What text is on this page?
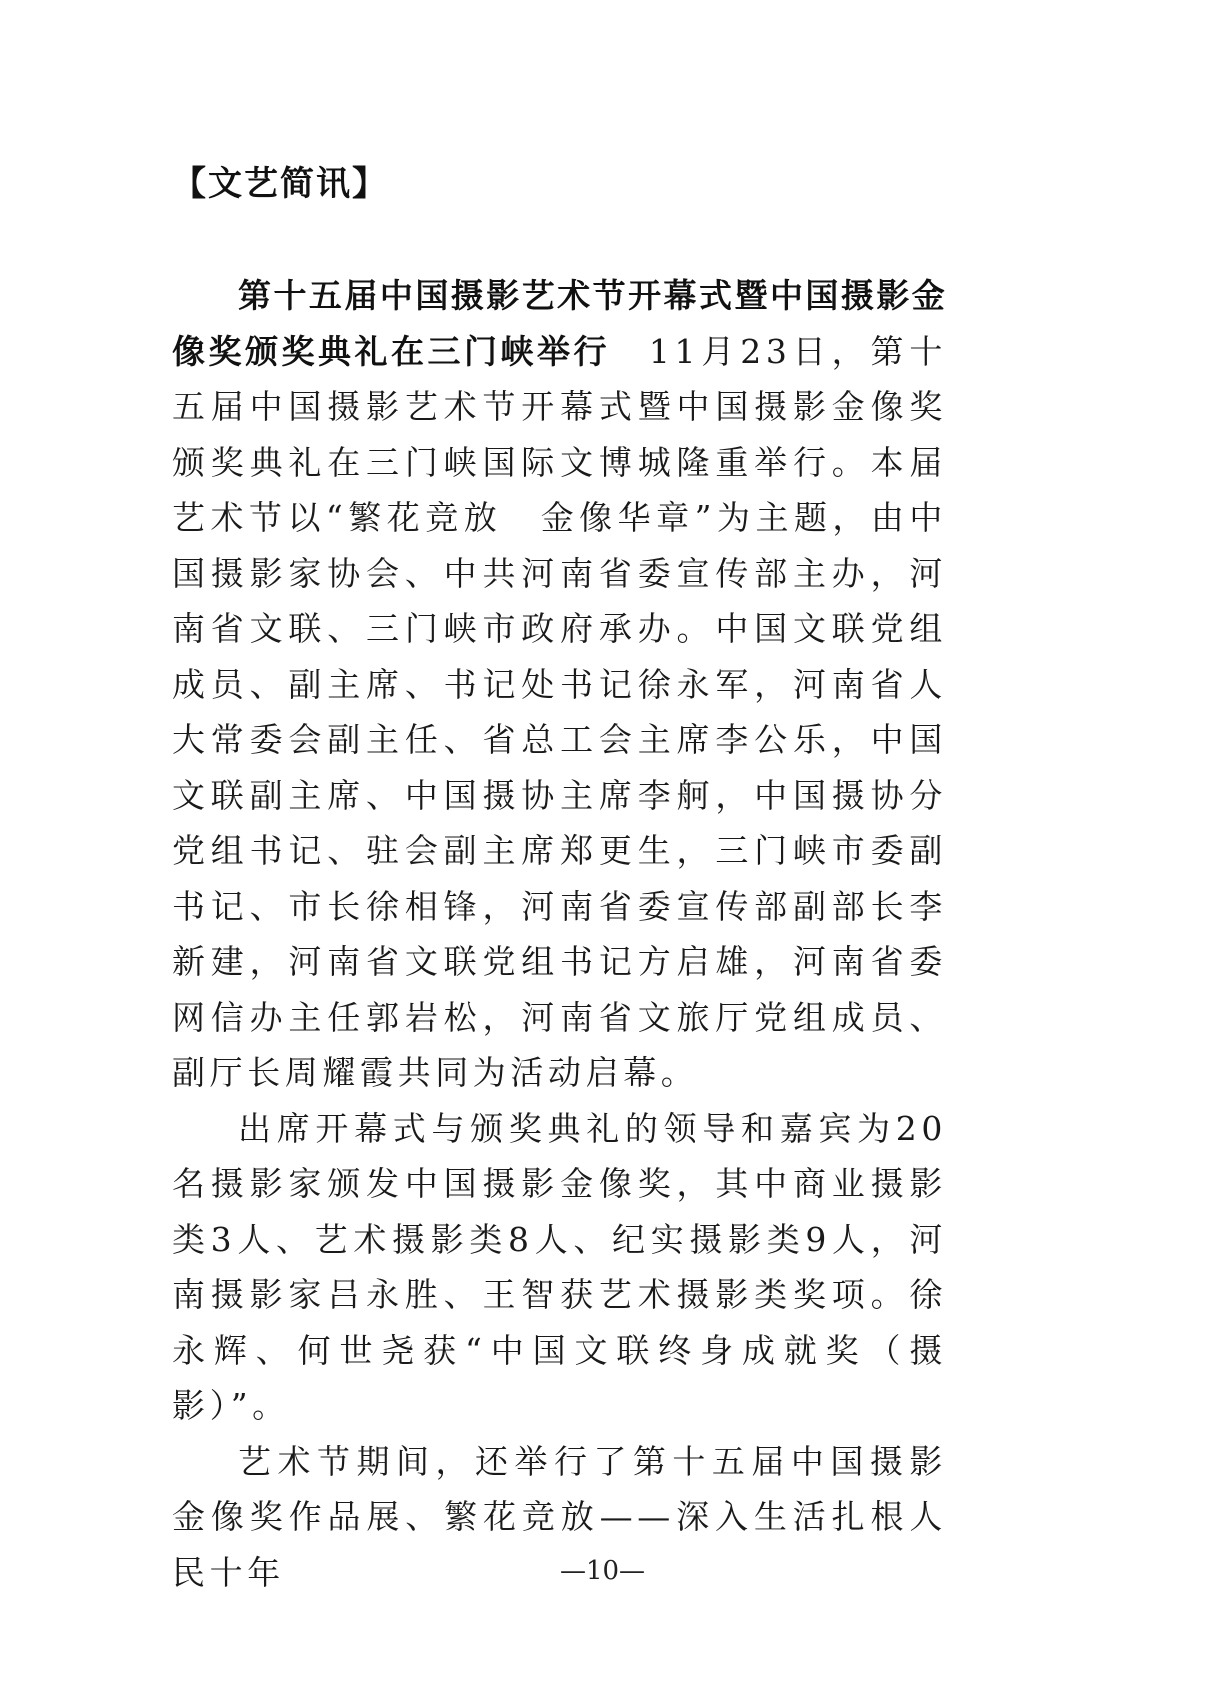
【文艺简讯】

第十五届中国摄影艺术节开幕式暨中国摄影金像奖颁奖典礼在三门峡举行　11月23日，第十五届中国摄影艺术节开幕式暨中国摄影金像奖颁奖典礼在三门峡国际文博城隆重举行。本届艺术节以“繁花竞放　金像华章”为主题，由中国摄影家协会、中共河南省委宣传部主办，河南省文联、三门峡市政府承办。中国文联党组成员、副主席、书记处书记徐永军，河南省人大常委会副主任、省总工会主席李公乐，中国文联副主席、中国摄协主席李舸，中国摄协分党组书记、驻会副主席郑更生，三门峡市委副书记、市长徐相锋，河南省委宣传部副部长李新建，河南省文联党组书记方启雄，河南省委网信办主任郭岩松，河南省文旅厅党组成员、副厅长周耀霞共同为活动启幕。

出席开幕式与颁奖典礼的领导和嘉宾为20名摄影家颁发中国摄影金像奖，其中商业摄影类3人、艺术摄影类8人、纪实摄影类9人，河南摄影家吕永胜、王智获艺术摄影类奖项。徐永辉、何世尧获“中国文联终身成就奖（摄影）”。

艺术节期间，还举行了第十五届中国摄影金像奖作品展、繁花竞放——深入生活扎根人民十年	—10—
